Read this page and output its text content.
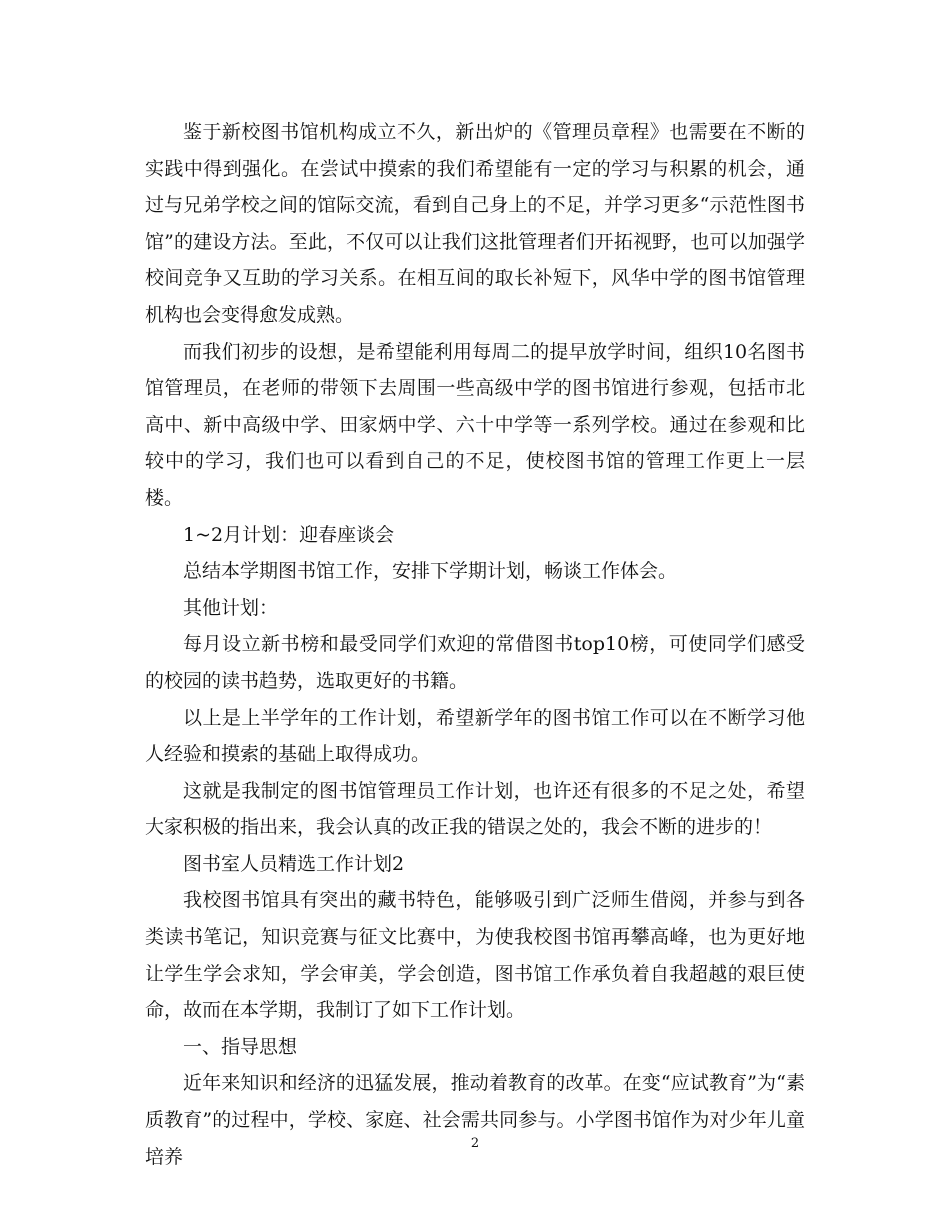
鉴于新校图书馆机构成立不久，新出炉的《管理员章程》也需要在不断的实践中得到强化。在尝试中摸索的我们希望能有一定的学习与积累的机会，通过与兄弟学校之间的馆际交流，看到自己身上的不足，并学习更多“示范性图书馆”的建设方法。至此，不仅可以让我们这批管理者们开拓视野，也可以加强学校间竞争又互助的学习关系。在相互间的取长补短下，风华中学的图书馆管理机构也会变得愈发成熟。

而我们初步的设想，是希望能利用每周二的提早放学时间，组织10名图书馆管理员，在老师的带领下去周围一些高级中学的图书馆进行参观，包括市北高中、新中高级中学、田家炳中学、六十中学等一系列学校。通过在参观和比较中的学习，我们也可以看到自己的不足，使校图书馆的管理工作更上一层楼。

1~2月计划：迎春座谈会

总结本学期图书馆工作，安排下学期计划，畅谈工作体会。

其他计划：

每月设立新书榜和最受同学们欢迎的常借图书top10榜，可使同学们感受的校园的读书趋势，选取更好的书籍。

以上是上半学年的工作计划，希望新学年的图书馆工作可以在不断学习他人经验和摸索的基础上取得成功。

这就是我制定的图书馆管理员工作计划，也许还有很多的不足之处，希望大家积极的指出来，我会认真的改正我的错误之处的，我会不断的进步的！

图书室人员精选工作计划2

我校图书馆具有突出的藏书特色，能够吸引到广泛师生借阅，并参与到各类读书笔记，知识竞赛与征文比赛中，为使我校图书馆再攀高峰，也为更好地让学生学会求知，学会审美，学会创造，图书馆工作承负着自我超越的艰巨使命，故而在本学期，我制订了如下工作计划。

一、指导思想

近年来知识和经济的迅猛发展，推动着教育的改革。在变“应试教育”为“素质教育”的过程中，学校、家庭、社会需共同参与。小学图书馆作为对少年儿童培养

2
